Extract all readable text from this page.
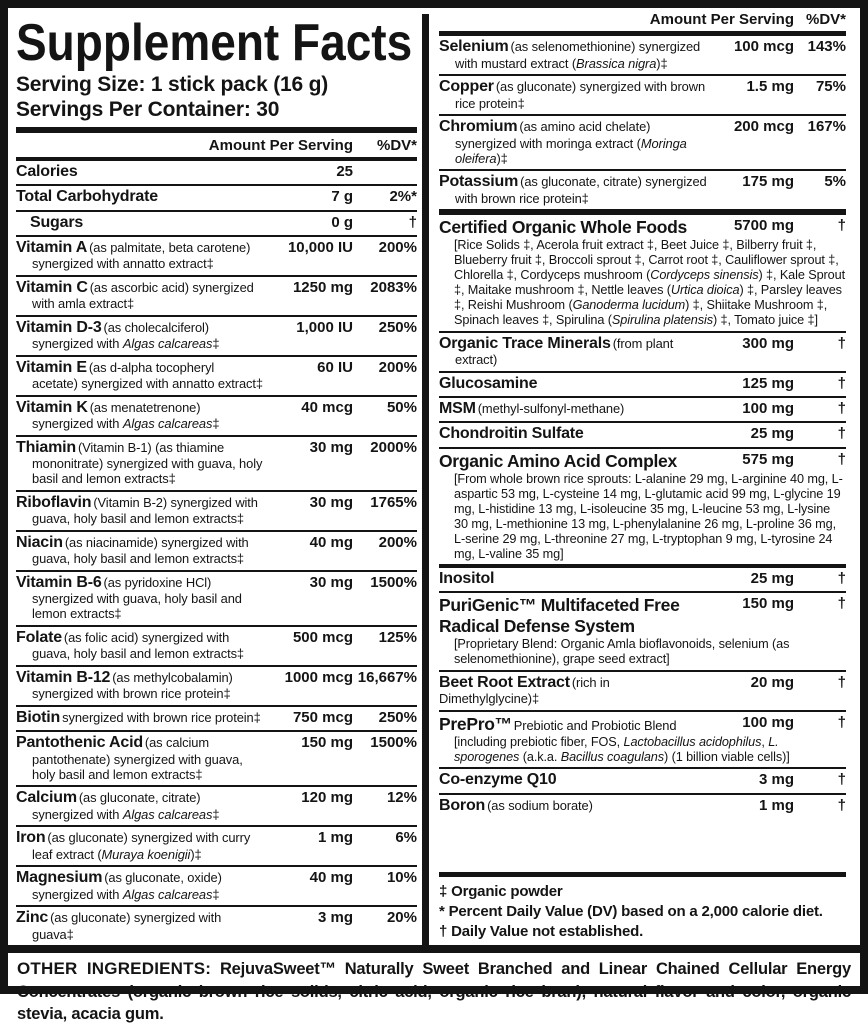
Supplement Facts
Serving Size: 1 stick pack (16 g)
Servings Per Container: 30
Amount Per Serving	%DV*
Calories	25
Total Carbohydrate	7 g	2%*
Sugars	0 g	†
Vitamin A (as palmitate, beta carotene) synergized with annatto extract‡
10,000 IU	200%
Vitamin C (as ascorbic acid) synergized with amla extract‡
1250 mg	2083%
Vitamin D-3 (as cholecalciferol) synergized with Algas calcareas‡
1,000 IU	250%
Vitamin E (as d-alpha tocopheryl acetate) synergized with annatto extract‡
60 IU	200%
Vitamin K (as menatetrenone) synergized with Algas calcareas‡
40 mcg	50%
Thiamin (Vitamin B-1) (as thiamine mononitrate) synergized with guava, holy basil and lemon extracts‡
30 mg	2000%
Riboflavin (Vitamin B-2) synergized with guava, holy basil and lemon extracts‡
30 mg	1765%
Niacin (as niacinamide) synergized with guava, holy basil and lemon extracts‡
40 mg	200%
Vitamin B-6 (as pyridoxine HCl) synergized with guava, holy basil and lemon extracts‡
30 mg	1500%
Folate (as folic acid) synergized with guava, holy basil and lemon extracts‡
500 mcg	125%
Vitamin B-12 (as methylcobalamin) synergized with brown rice protein‡
1000 mcg 16,667%
Biotin synergized with brown rice protein‡	750 mcg	250%
Pantothenic Acid (as calcium pantothenate) synergized with guava, holy basil and lemon extracts‡
150 mg	1500%
Calcium (as gluconate, citrate) synergized with Algas calcareas‡
120 mg	12%
Iron (as gluconate) synergized with curry leaf extract (Muraya koenigii)‡
1 mg	6%
Magnesium (as gluconate, oxide) synergized with Algas calcareas‡
40 mg	10%
Zinc (as gluconate) synergized with guava‡
3 mg	20%
Amount Per Serving %DV*
Selenium (as selenomethionine) synergized with mustard extract (Brassica nigra)‡
100 mcg 143%
Copper (as gluconate) synergized with brown rice protein‡
1.5 mg	75%
Chromium (as amino acid chelate) synergized with moringa extract (Moringa oleifera)‡
200 mcg 167%
Potassium (as gluconate, citrate) synergized with brown rice protein‡
175 mg	5%
Certified Organic Whole Foods	5700 mg	†
[Rice Solids ‡, Acerola fruit extract ‡, Beet Juice ‡, Bilberry fruit ‡, Blueberry fruit ‡, Broccoli sprout ‡, Carrot root ‡, Cauliflower sprout ‡, Chlorella ‡, Cordyceps mushroom (Cordyceps sinensis) ‡, Kale Sprout ‡, Maitake mushroom ‡, Nettle leaves (Urtica dioica) ‡, Parsley leaves ‡, Reishi Mushroom (Ganoderma lucidum) ‡, Shiitake Mushroom ‡, Spinach leaves ‡, Spirulina (Spirulina platensis) ‡, Tomato juice ‡]
Organic Trace Minerals (from plant extract)
300 mg	†
Glucosamine	125 mg	†
MSM (methyl-sulfonyl-methane)	100 mg	†
Chondroitin Sulfate	25 mg	†
Organic Amino Acid Complex	575 mg	†
[From whole brown rice sprouts: L-alanine 29 mg, L-arginine 40 mg, L-aspartic 53 mg, L-cysteine 14 mg, L-glutamic acid 99 mg, L-glycine 19 mg, L-histidine 13 mg, L-isoleucine 35 mg, L-leucine 53 mg, L-lysine 30 mg, L-methionine 13 mg, L-phenylalanine 26 mg, L-proline 36 mg, L-serine 29 mg, L-threonine 27 mg, L-tryptophan 9 mg, L-tyrosine 24 mg, L-valine 35 mg]
Inositol	25 mg	†
PuriGenic™ Multifaceted Free Radical Defense System
150 mg	†
[Proprietary Blend: Organic Amla bioflavonoids, selenium (as selenomethionine), grape seed extract]
Beet Root Extract (rich in Dimethylglycine)‡
20 mg	†
PrePro™ Prebiotic and Probiotic Blend	100 mg	†
[including prebiotic fiber, FOS, Lactobacillus acidophilus, L. sporogenes (a.k.a. Bacillus coagulans) (1 billion viable cells)]
Co-enzyme Q10	3 mg	†
Boron (as sodium borate)	1 mg	†
‡ Organic powder
* Percent Daily Value (DV) based on a 2,000 calorie diet.
† Daily Value not established.
OTHER INGREDIENTS: RejuvaSweet™ Naturally Sweet Branched and Linear Chained Cellular Energy Concentrates (organic brown rice solids, citric acid, organic rice bran), natural flavor and color, organic stevia, acacia gum.
